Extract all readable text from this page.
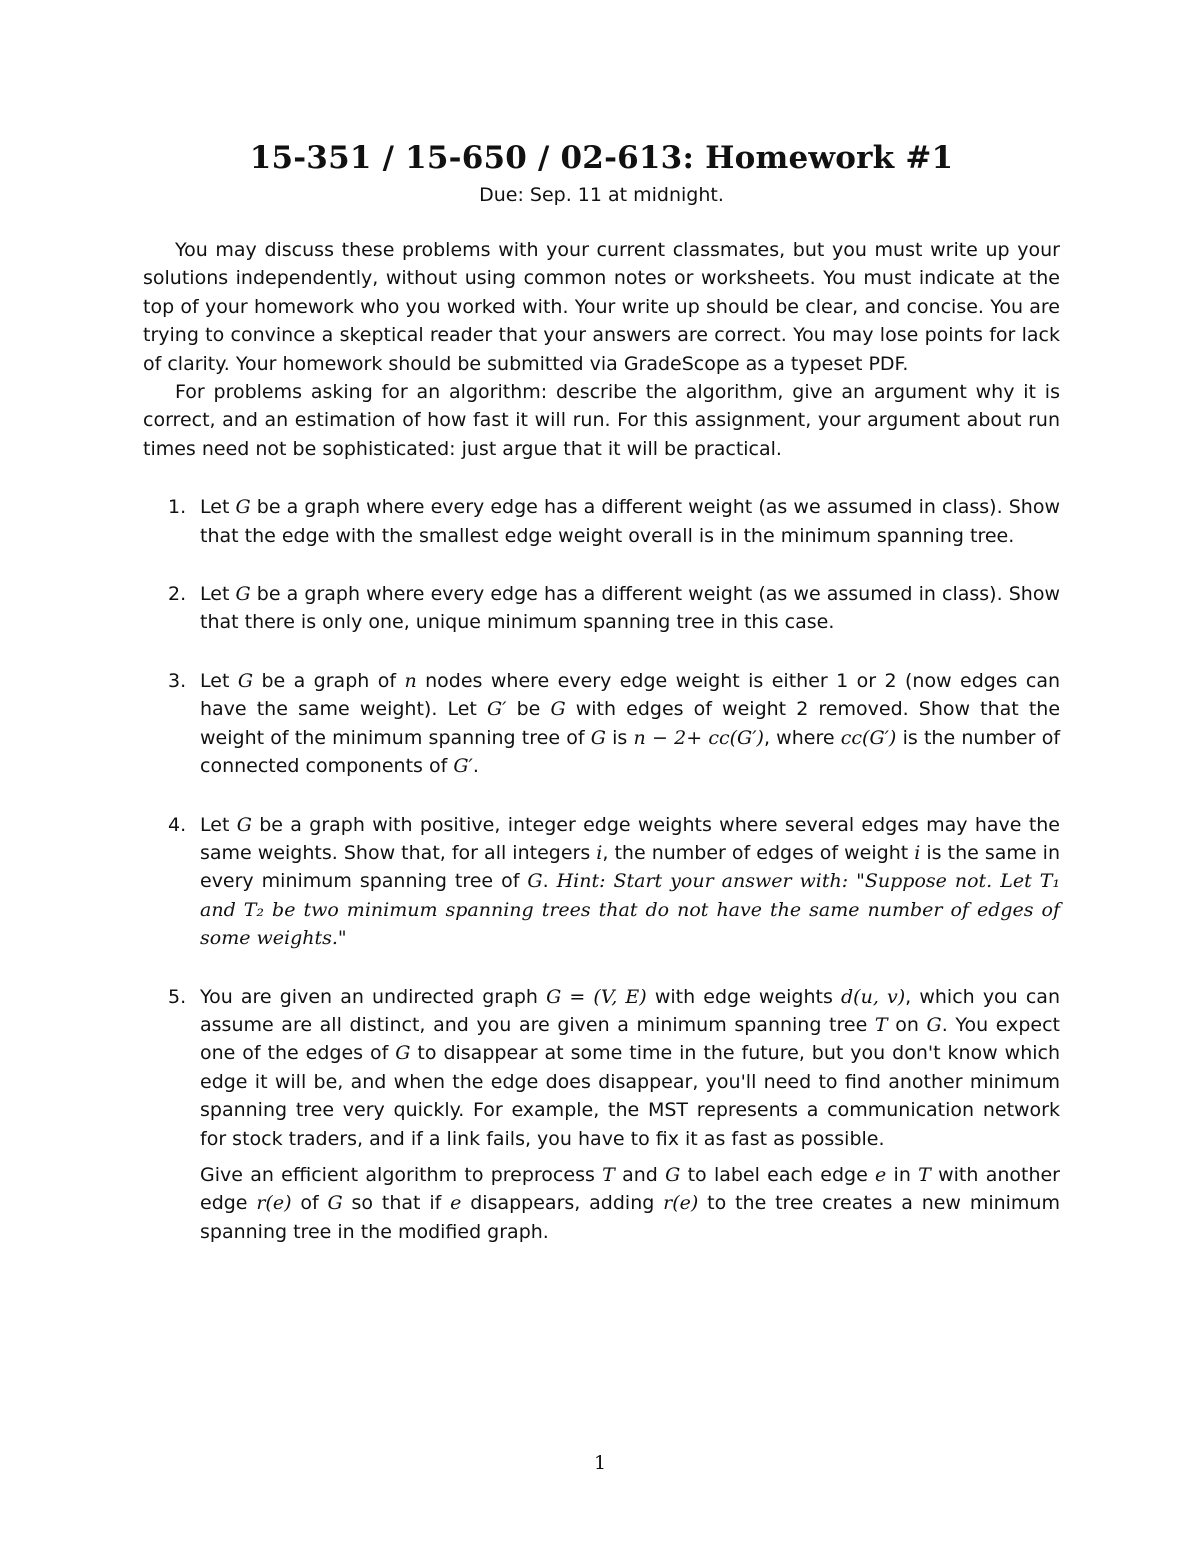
15-351 / 15-650 / 02-613: Homework #1
Due: Sep. 11 at midnight.

You may discuss these problems with your current classmates, but you must write up your solutions independently, without using common notes or worksheets. You must indicate at the top of your homework who you worked with. Your write up should be clear, and concise. You are trying to convince a skeptical reader that your answers are correct. You may lose points for lack of clarity. Your homework should be submitted via GradeScope as a typeset PDF.

For problems asking for an algorithm: describe the algorithm, give an argument why it is correct, and an estimation of how fast it will run. For this assignment, your argument about run times need not be sophisticated: just argue that it will be practical.

1. Let G be a graph where every edge has a different weight (as we assumed in class). Show that the edge with the smallest edge weight overall is in the minimum spanning tree.

2. Let G be a graph where every edge has a different weight (as we assumed in class). Show that there is only one, unique minimum spanning tree in this case.

3. Let G be a graph of n nodes where every edge weight is either 1 or 2 (now edges can have the same weight). Let G′ be G with edges of weight 2 removed. Show that the weight of the minimum spanning tree of G is n − 2+ cc(G′), where cc(G′) is the number of connected components of G′.

4. Let G be a graph with positive, integer edge weights where several edges may have the same weights. Show that, for all integers i, the number of edges of weight i is the same in every minimum spanning tree of G. Hint: Start your answer with: "Suppose not. Let T₁ and T₂ be two minimum spanning trees that do not have the same number of edges of some weights."

5. You are given an undirected graph G = (V, E) with edge weights d(u, v), which you can assume are all distinct, and you are given a minimum spanning tree T on G. You expect one of the edges of G to disappear at some time in the future, but you don't know which edge it will be, and when the edge does disappear, you'll need to find another minimum spanning tree very quickly. For example, the MST represents a communication network for stock traders, and if a link fails, you have to fix it as fast as possible.

Give an efficient algorithm to preprocess T and G to label each edge e in T with another edge r(e) of G so that if e disappears, adding r(e) to the tree creates a new minimum spanning tree in the modified graph.

1
